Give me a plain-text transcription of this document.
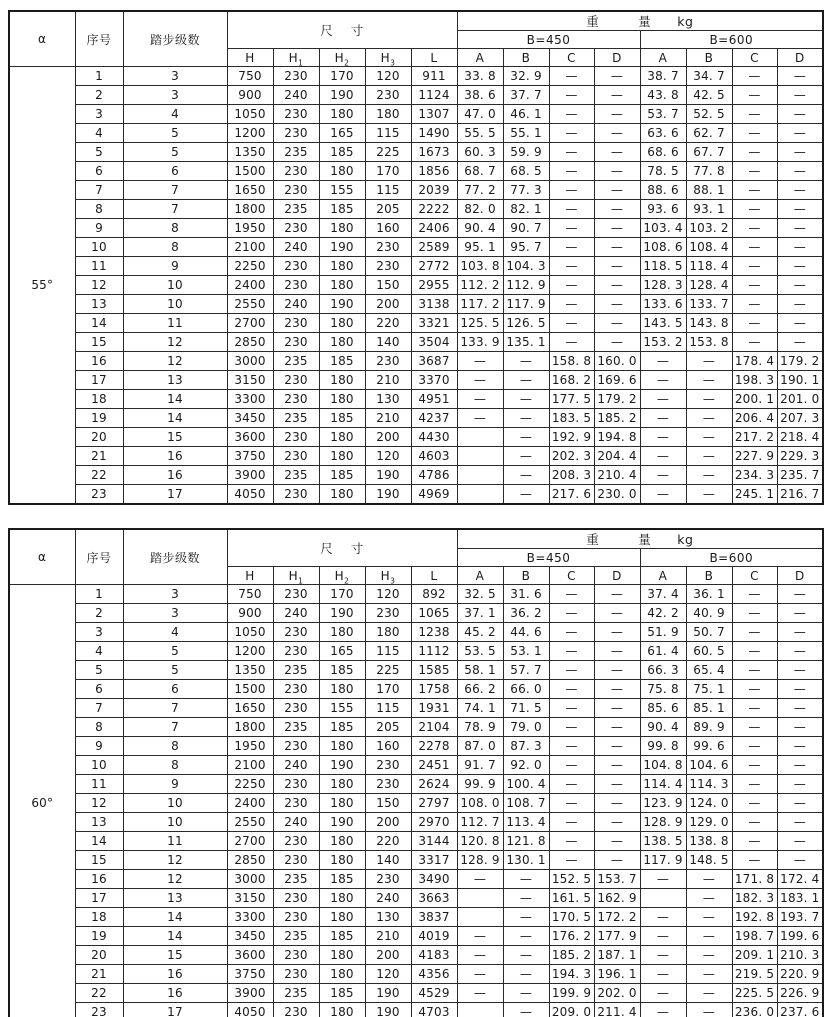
α	序号	踏步级数	尺　 寸					重　　　量　　kg							
								B=450				B=600			
			H	$H_1$	$H_2$	$H_3$	L	A	B	C	D	A	B	C	D
55°	1	3	750	230	170	120	911	33. 8	32. 9	—	—	38. 7	34. 7	—	—
	2	3	900	240	190	230	1124	38. 6	37. 7	—	—	43. 8	42. 5	—	—
	3	4	1050	230	180	180	1307	47. 0	46. 1	—	—	53. 7	52. 5	—	—
	4	5	1200	230	165	115	1490	55. 5	55. 1	—	—	63. 6	62. 7	—	—
	5	5	1350	235	185	225	1673	60. 3	59. 9	—	—	68. 6	67. 7	—	—
	6	6	1500	230	180	170	1856	68. 7	68. 5	—	—	78. 5	77. 8	—	—
	7	7	1650	230	155	115	2039	77. 2	77. 3	—	—	88. 6	88. 1	—	—
	8	7	1800	235	185	205	2222	82. 0	82. 1	—	—	93. 6	93. 1	—	—
	9	8	1950	230	180	160	2406	90. 4	90. 7	—	—	103. 4	103. 2	—	—
	10	8	2100	240	190	230	2589	95. 1	95. 7	—	—	108. 6	108. 4	—	—
	11	9	2250	230	180	230	2772	103. 8	104. 3	—	—	118. 5	118. 4	—	—
	12	10	2400	230	180	150	2955	112. 2	112. 9	—	—	128. 3	128. 4	—	—
	13	10	2550	240	190	200	3138	117. 2	117. 9	—	—	133. 6	133. 7	—	—
	14	11	2700	230	180	220	3321	125. 5	126. 5	—	—	143. 5	143. 8	—	—
	15	12	2850	230	180	140	3504	133. 9	135. 1	—	—	153. 2	153. 8	—	—
	16	12	3000	235	185	230	3687	—	—	158. 8	160. 0	—	—	178. 4	179. 2
	17	13	3150	230	180	210	3370	—	—	168. 2	169. 6	—	—	198. 3	190. 1
	18	14	3300	230	180	130	4951	—	—	177. 5	179. 2	—	—	200. 1	201. 0
	19	14	3450	235	185	210	4237	—	—	183. 5	185. 2	—	—	206. 4	207. 3
	20	15	3600	230	180	200	4430		—	192. 9	194. 8	—	—	217. 2	218. 4
	21	16	3750	230	180	120	4603		—	202. 3	204. 4	—	—	227. 9	229. 3
	22	16	3900	235	185	190	4786		—	208. 3	210. 4	—	—	234. 3	235. 7
	23	17	4050	230	180	190	4969		—	217. 6	230. 0	—	—	245. 1	216. 7
α	序号	踏步级数	尺　 寸					重　　　量　　kg							
								B=450				B=600			
			H	$H_1$	$H_2$	$H_3$	L	A	B	C	D	A	B	C	D
60°	1	3	750	230	170	120	892	32. 5	31. 6	—	—	37. 4	36. 1	—	—
	2	3	900	240	190	230	1065	37. 1	36. 2	—	—	42. 2	40. 9	—	—
	3	4	1050	230	180	180	1238	45. 2	44. 6	—	—	51. 9	50. 7	—	—
	4	5	1200	230	165	115	1112	53. 5	53. 1	—	—	61. 4	60. 5	—	—
	5	5	1350	235	185	225	1585	58. 1	57. 7	—	—	66. 3	65. 4	—	—
	6	6	1500	230	180	170	1758	66. 2	66. 0	—	—	75. 8	75. 1	—	—
	7	7	1650	230	155	115	1931	74. 1	71. 5	—	—	85. 6	85. 1	—	—
	8	7	1800	235	185	205	2104	78. 9	79. 0	—	—	90. 4	89. 9	—	—
	9	8	1950	230	180	160	2278	87. 0	87. 3	—	—	99. 8	99. 6	—	—
	10	8	2100	240	190	230	2451	91. 7	92. 0	—	—	104. 8	104. 6	—	—
	11	9	2250	230	180	230	2624	99. 9	100. 4	—	—	114. 4	114. 3	—	—
	12	10	2400	230	180	150	2797	108. 0	108. 7	—	—	123. 9	124. 0	—	—
	13	10	2550	240	190	200	2970	112. 7	113. 4	—	—	128. 9	129. 0	—	—
	14	11	2700	230	180	220	3144	120. 8	121. 8	—	—	138. 5	138. 8	—	—
	15	12	2850	230	180	140	3317	128. 9	130. 1	—	—	117. 9	148. 5	—	—
	16	12	3000	235	185	230	3490	—	—	152. 5	153. 7	—	—	171. 8	172. 4
	17	13	3150	230	180	240	3663		—	161. 5	162. 9		—	182. 3	183. 1
	18	14	3300	230	180	130	3837		—	170. 5	172. 2	—	—	192. 8	193. 7
	19	14	3450	235	185	210	4019	—	—	176. 2	177. 9	—	—	198. 7	199. 6
	20	15	3600	230	180	200	4183	—	—	185. 2	187. 1	—	—	209. 1	210. 3
	21	16	3750	230	180	120	4356	—	—	194. 3	196. 1	—	—	219. 5	220. 9
	22	16	3900	235	185	190	4529	—	—	199. 9	202. 0	—	—	225. 5	226. 9
	23	17	4050	230	180	190	4703		—	209. 0	211. 4	—	—	236. 0	237. 6
